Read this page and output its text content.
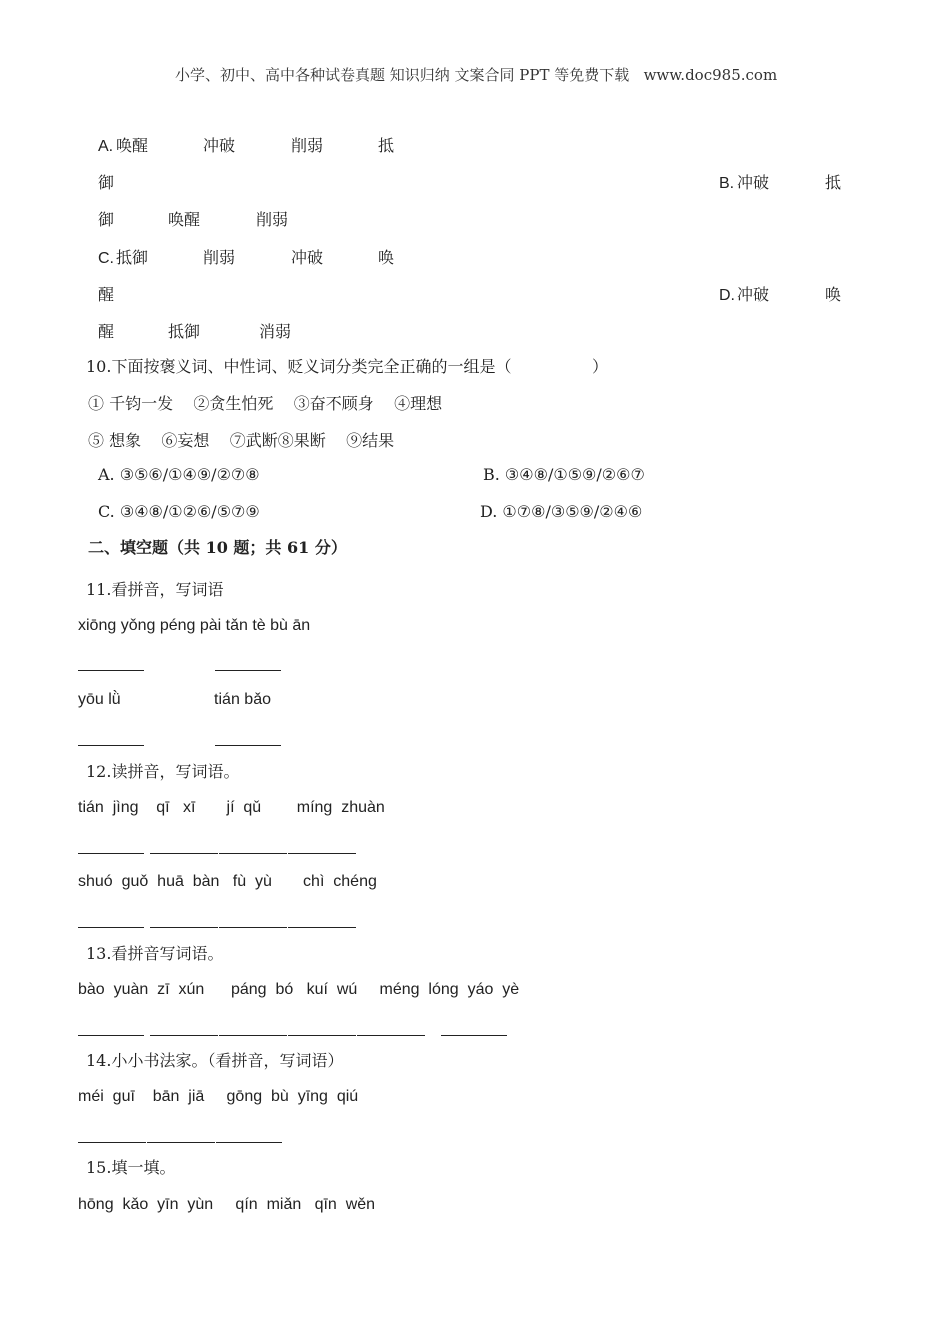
小学、初中、高中各种试卷真题 知识归纳 文案合同 PPT 等免费下载   www.doc985.com
A. 唤醒	冲破	削弱	抵
御	B. 冲破	抵
御	唤醒	削弱
C. 抵御	削弱	冲破	唤
醒	D. 冲破	唤
醒	抵御	消弱
10.下面按褒义词、中性词、贬义词分类完全正确的一组是（	）
① 千钧一发    ②贪生怕死    ③奋不顾身    ④理想
⑤ 想象    ⑥妄想    ⑦武断⑧果断    ⑨结果
A. ③⑤⑥/①④⑨/②⑦⑧	B. ③④⑧/①⑤⑨/②⑥⑦
C. ③④⑧/①②⑥/⑤⑦⑨	D. ①⑦⑧/③⑤⑨/②④⑥
二、填空题（共 10 题；共 61 分）
11.看拼音，写词语
xiōng yǒng péng pài tǎn tè bù ān
yōu lǜ                     tián bǎo
12.读拼音，写词语。
tián  jìng    qī   xī       jí  qǔ        míng  zhuàn
shuó  guǒ  huā  bàn   fù  yù       chì  chéng
13.看拼音写词语。
bào  yuàn  zī  xún      páng  bó   kuí  wú     méng  lóng  yáo  yè
14.小小书法家。（看拼音，写词语）
méi  guī    bān  jiā     gōng  bù  yīng  qiú
15.填一填。
hōng  kǎo  yīn  yùn     qín  miǎn   qīn  wěn
